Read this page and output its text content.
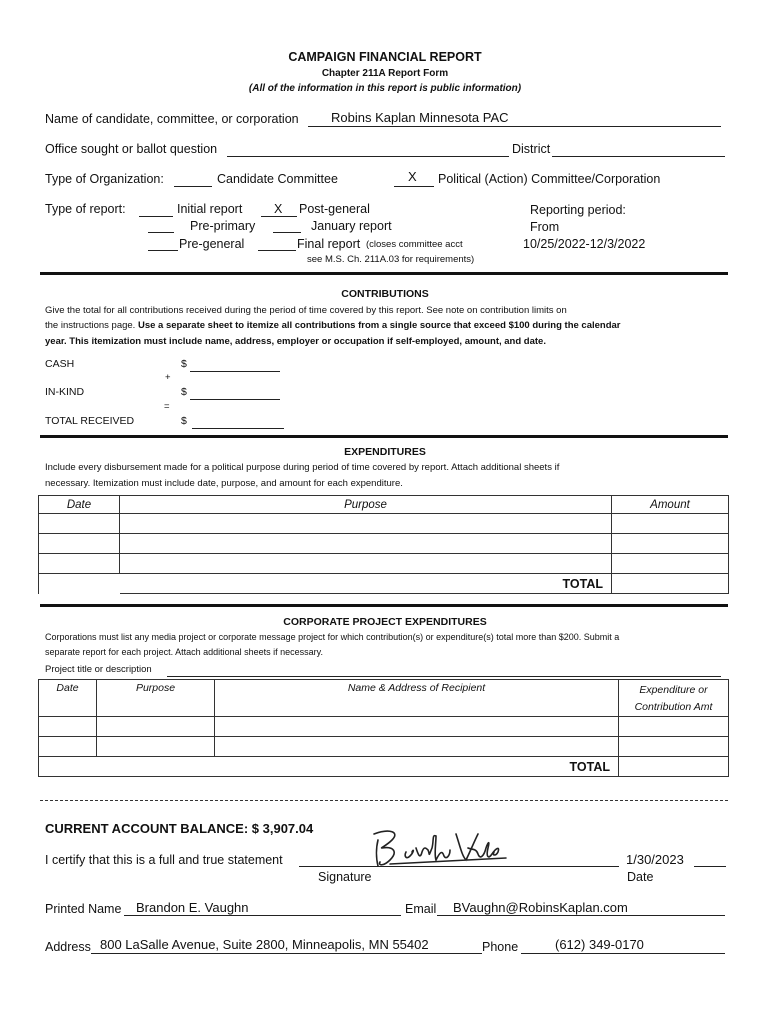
CAMPAIGN FINANCIAL REPORT
Chapter 211A Report Form
(All of the information in this report is public information)
Name of candidate, committee, or corporation Robins Kaplan Minnesota PAC
Office sought or ballot question	District
Type of Organization:	Candidate Committee	X Political (Action) Committee/Corporation
Type of report:	Initial report	X Post-general
Pre-primary	January report
Pre-general	Final report (closes committee acct
see M.S. Ch. 211A.03 for requirements)
Reporting period:
From
10/25/2022-12/3/2022
CONTRIBUTIONS
Give the total for all contributions received during the period of time covered by this report. See note on contribution limits on
the instructions page. Use a separate sheet to itemize all contributions from a single source that exceed $100 during the calendar
year. This itemization must include name, address, employer or occupation if self-employed, amount, and date.
CASH	$
+
IN-KIND	$
=
TOTAL RECEIVED	$
EXPENDITURES
Include every disbursement made for a political purpose during period of time covered by report. Attach additional sheets if
necessary. Itemization must include date, purpose, and amount for each expenditure.
Date	Purpose	Amount

	TOTAL	
CORPORATE PROJECT EXPENDITURES
Corporations must list any media project or corporate message project for which contribution(s) or expenditure(s) total more than $200. Submit a
separate report for each project. Attach additional sheets if necessary.
Project title or description
Date	Purpose	Name & Address of Recipient	Expenditure or
Contribution Amt

		TOTAL	
CURRENT ACCOUNT BALANCE: $ 3,907.04
I certify that this is a full and true statement
Signature
1/30/2023
Date
Printed Name Brandon E. Vaughn	Email BVaughn@RobinsKaplan.com
Address 800 LaSalle Avenue, Suite 2800, Minneapolis, MN 55402	Phone	(612) 349-0170
